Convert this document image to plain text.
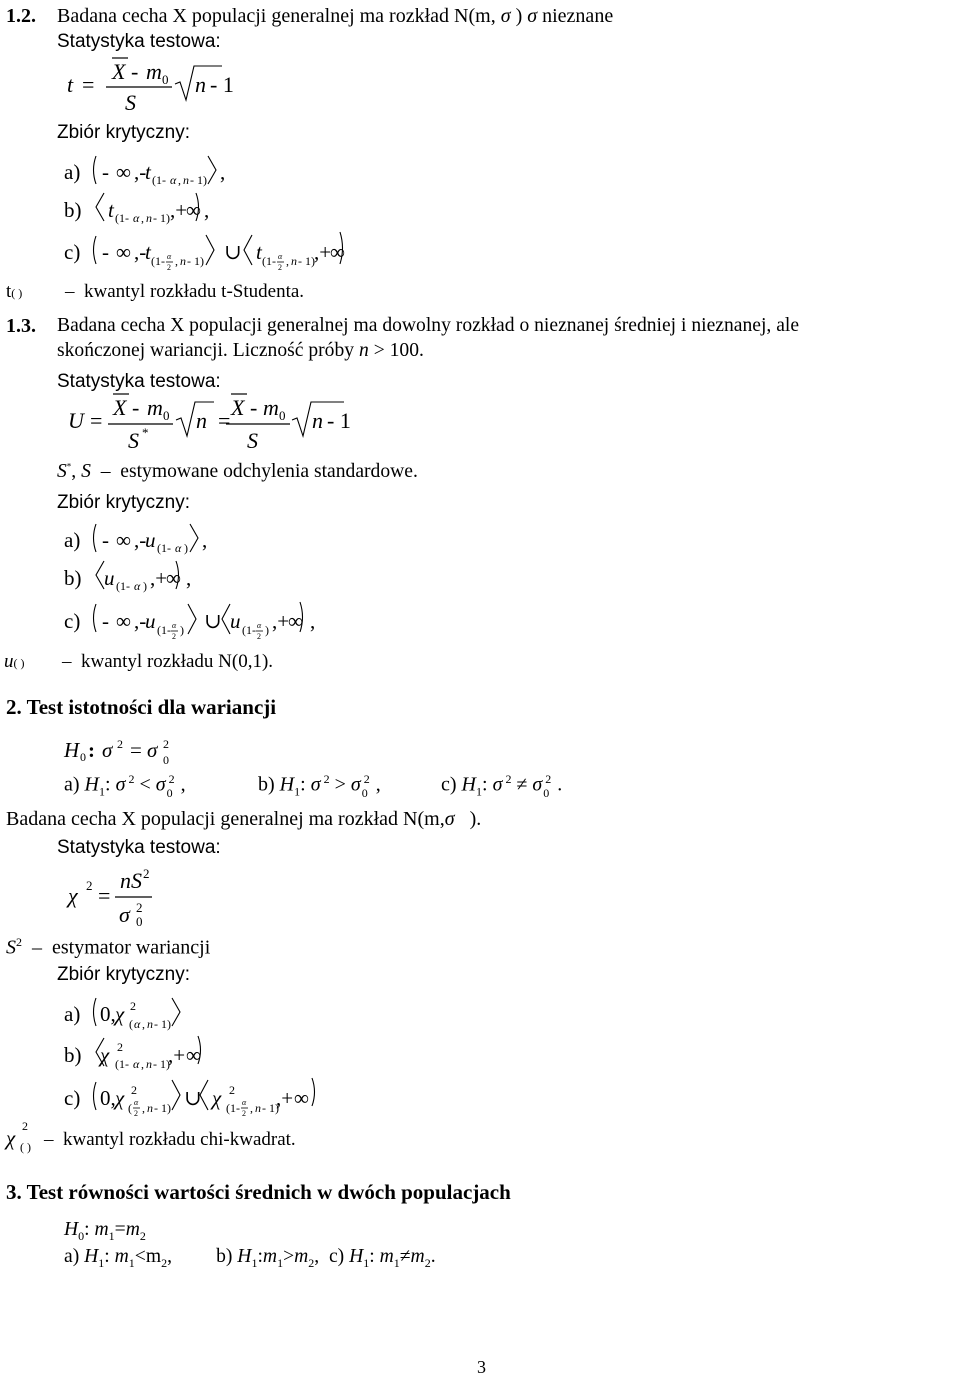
1.2. Badana cecha X populacji generalnej ma rozkład N(m, σ ) σ nieznane
Statystyka testowa:
t =
X - m 0
S
n - 1
Zbiór krytyczny:
a) - ∞ ,-
t (1- α , n - 1) ,
b) t (1- α , n - 1) ,+
∞ ,
c) - ∞ ,-
t (1- α
2 , n - 1) ∪ t (1- α
2 , n - 1) ,+
∞
t( ) –  kwantyl rozkładu t-Studenta.
1.3. Badana cecha X populacji generalnej ma dowolny rozkład o nieznanej średniej i nieznanej, ale
skończonej wariancji. Liczność próby n > 100.
Statystyka testowa:
U =
X - m 0
S * n =
X - m 0
S
n - 1
S*, S  –  estymowane odchylenia standardowe.
Zbiór krytyczny:
a) - ∞ ,-
u (1- α ) ,
b) u (1- α ) ,+
∞ ,
c) - ∞ ,-
u (1- α
2 ) ∪ u (1- α
2 ) ,+
∞ ,
u( ) –  kwantyl rozkładu N(0,1).
2. Test istotności dla wariancji
H 0 : σ 2 = σ 2
0
a) $H_1$: σ $^2$ < σ $^2_0$ ,	b) $H_1$: σ $^2$ > σ $^2_0$ ,	c) $H_1$: σ $^2$ ≠ σ $^2_0$ .
Badana cecha X populacji generalnej ma rozkład N(m,σ ).
Statystyka testowa:
χ 2 =
nS 2
σ 2
0
$S^2$  –  estymator wariancji
Zbiór krytyczny:
a) 0, χ 2
( α , n - 1)
b) χ 2
(1- α , n - 1)
,+ ∞
c) 0, χ 2
( α
2 , n - 1) ∪ χ 2
(1- α
2 , n - 1)
,+ ∞
χ 2
( ) –  kwantyl rozkładu chi-kwadrat.
3. Test równości wartości średnich w dwóch populacjach
$H_0$: $m_1=m_2$
a) $H_1$: $m_1<m_2$,         b) $H_1:m_1>m_2$,  c) $H_1$: $m_1\ne m_2$.
3
